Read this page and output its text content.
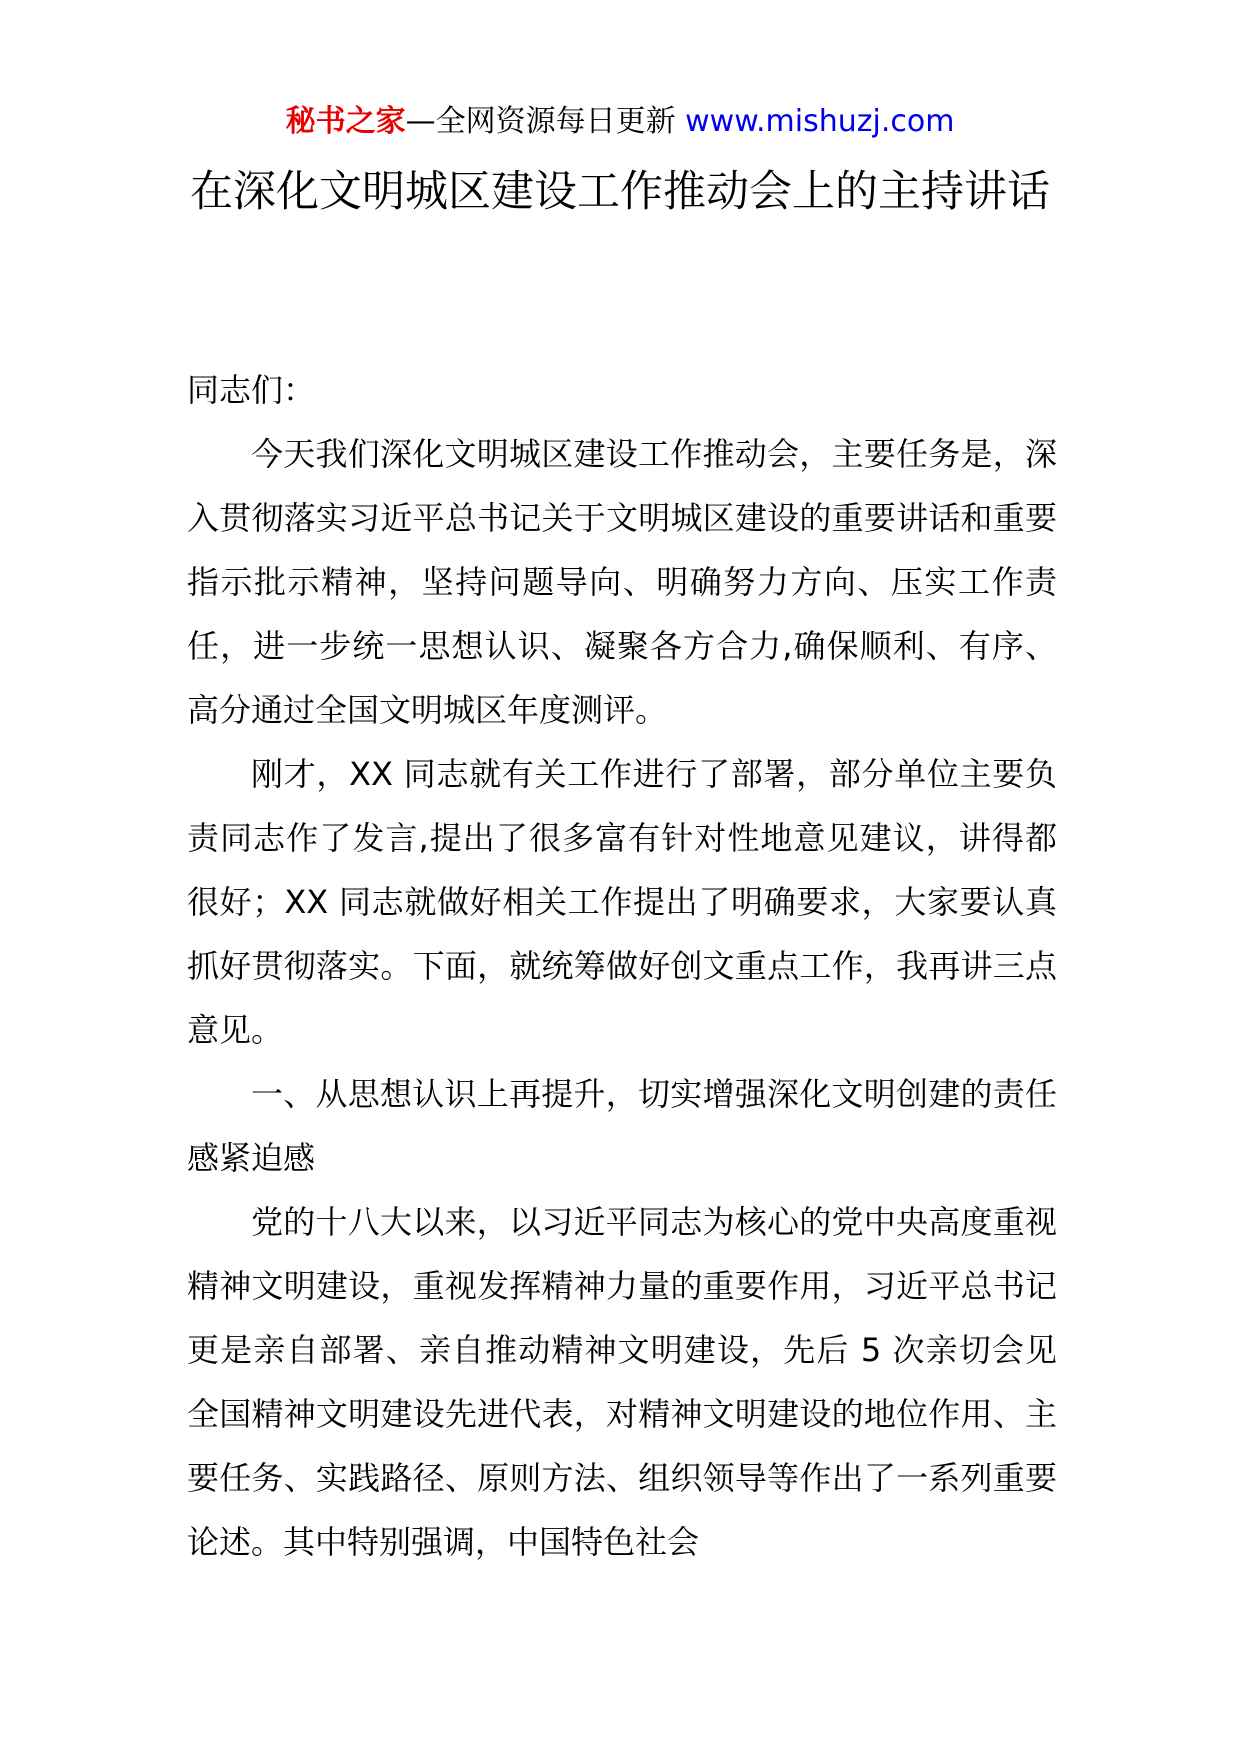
秘书之家—全网资源每日更新 www.mishuzj.com
在深化文明城区建设工作推动会上的主持讲话

同志们：

今天我们深化文明城区建设工作推动会，主要任务是，深入贯彻落实习近平总书记关于文明城区建设的重要讲话和重要指示批示精神，坚持问题导向、明确努力方向、压实工作责任，进一步统一思想认识、凝聚各方合力,确保顺利、有序、高分通过全国文明城区年度测评。

刚才，XX 同志就有关工作进行了部署，部分单位主要负责同志作了发言,提出了很多富有针对性地意见建议，讲得都很好；XX 同志就做好相关工作提出了明确要求，大家要认真抓好贯彻落实。下面，就统筹做好创文重点工作，我再讲三点意见。

一、从思想认识上再提升，切实增强深化文明创建的责任感紧迫感

党的十八大以来，以习近平同志为核心的党中央高度重视精神文明建设，重视发挥精神力量的重要作用，习近平总书记更是亲自部署、亲自推动精神文明建设，先后 5 次亲切会见全国精神文明建设先进代表，对精神文明建设的地位作用、主要任务、实践路径、原则方法、组织领导等作出了一系列重要论述。其中特别强调，中国特色社会
